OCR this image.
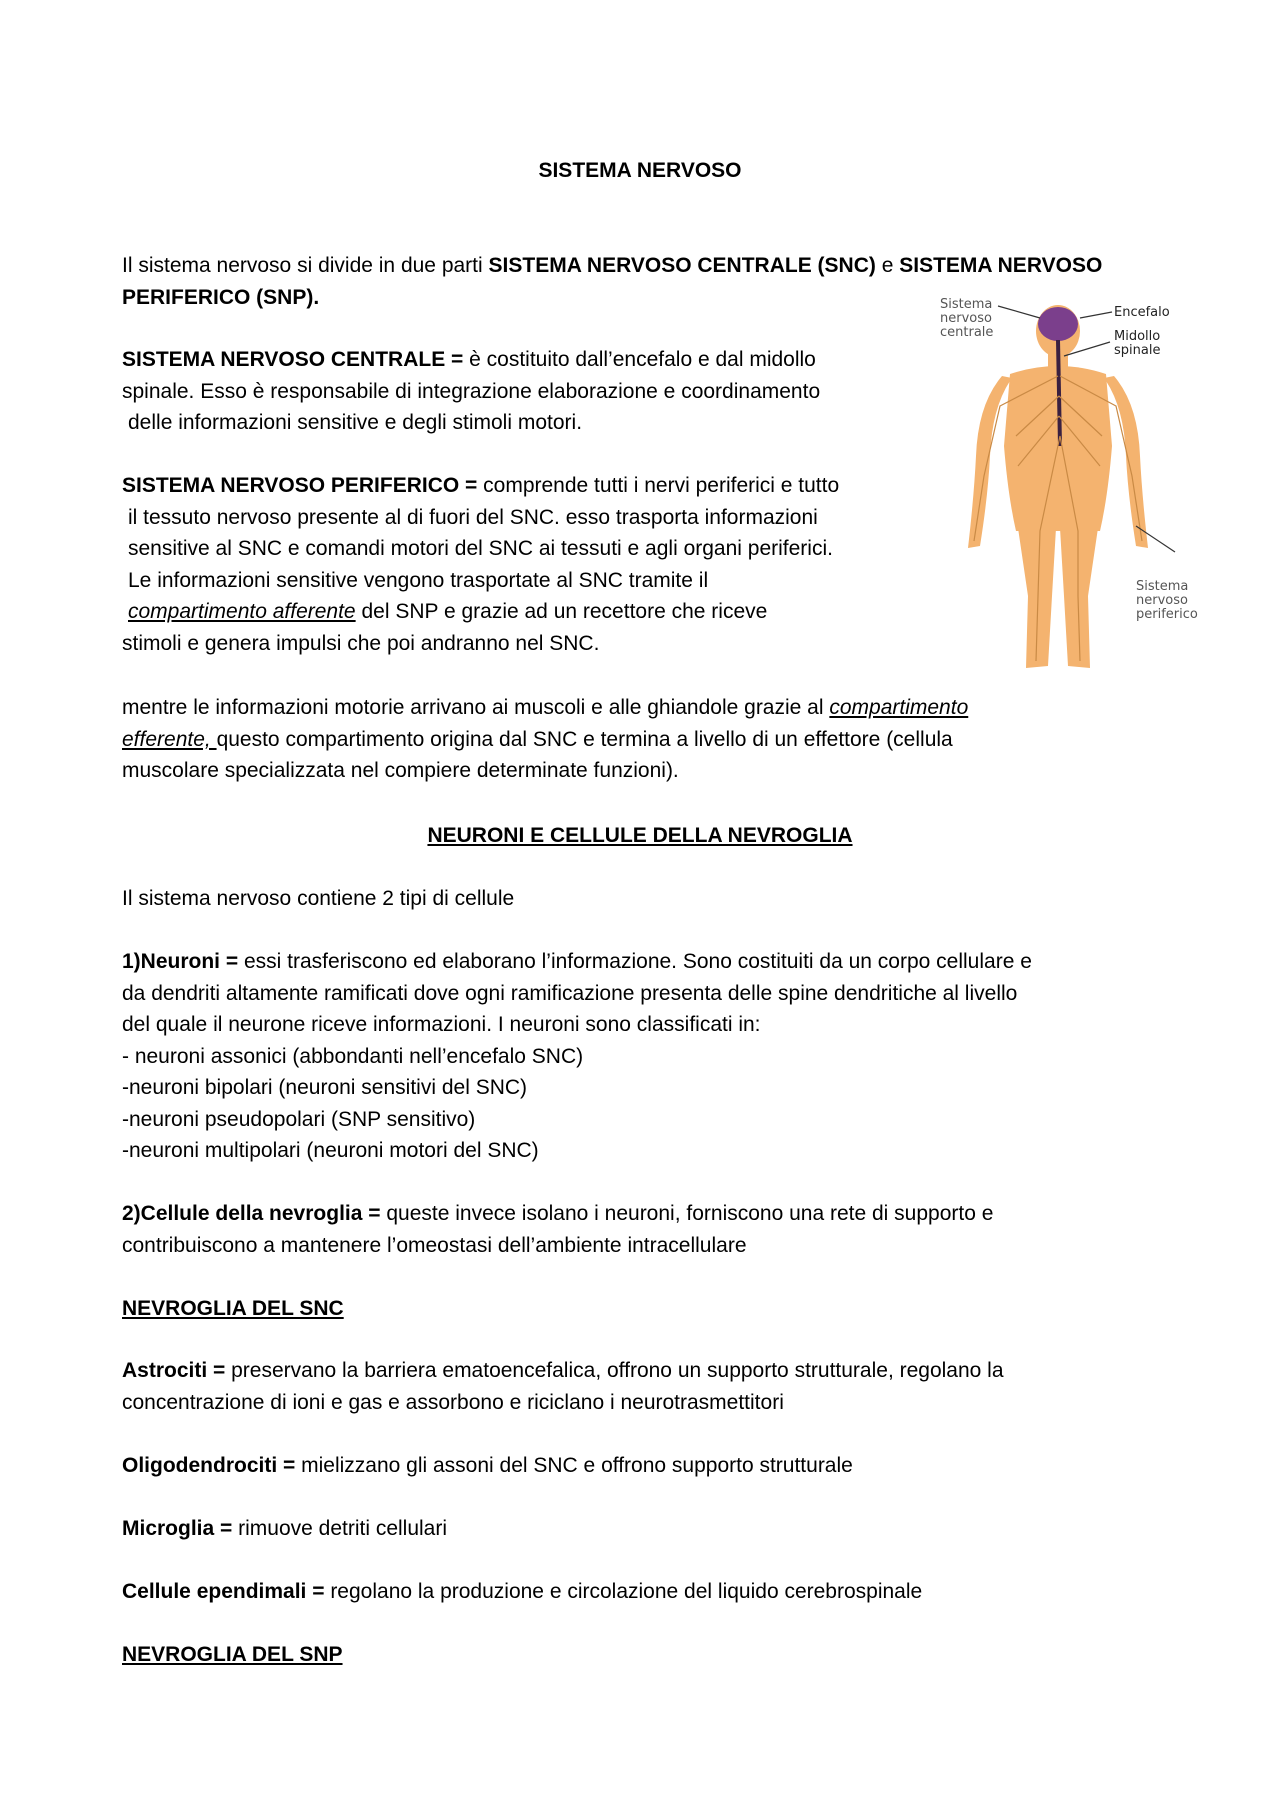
SISTEMA NERVOSO
Il sistema nervoso si divide in due parti SISTEMA NERVOSO CENTRALE (SNC) e SISTEMA NERVOSO
PERIFERICO (SNP).
SISTEMA NERVOSO CENTRALE = è costituito dall’encefalo e dal midollo
spinale. Esso è responsabile di integrazione elaborazione e coordinamento
delle informazioni sensitive e degli stimoli motori.
SISTEMA NERVOSO PERIFERICO = comprende tutti i nervi periferici e tutto
il tessuto nervoso presente al di fuori del SNC. esso trasporta informazioni
sensitive al SNC e comandi motori del SNC ai tessuti e agli organi periferici.
Le informazioni sensitive vengono trasportate al SNC tramite il
compartimento afferente del SNP e grazie ad un recettore che riceve
stimoli e genera impulsi che poi andranno nel SNC.
mentre le informazioni motorie arrivano ai muscoli e alle ghiandole grazie al compartimento
efferente, questo compartimento origina dal SNC e termina a livello di un effettore (cellula
muscolare specializzata nel compiere determinate funzioni).
NEURONI E CELLULE DELLA NEVROGLIA
Il sistema nervoso contiene 2 tipi di cellule
1)Neuroni = essi trasferiscono ed elaborano l’informazione. Sono costituiti da un corpo cellulare e
da dendriti altamente ramificati dove ogni ramificazione presenta delle spine dendritiche al livello
del quale il neurone riceve informazioni. I neuroni sono classificati in:
- neuroni assonici (abbondanti nell’encefalo SNC)
-neuroni bipolari (neuroni sensitivi del SNC)
-neuroni pseudopolari (SNP sensitivo)
-neuroni multipolari (neuroni motori del SNC)
2)Cellule della nevroglia = queste invece isolano i neuroni, forniscono una rete di supporto e
contribuiscono a mantenere l’omeostasi dell’ambiente intracellulare
NEVROGLIA DEL SNC
Astrociti = preservano la barriera ematoencefalica, offrono un supporto strutturale, regolano la
concentrazione di ioni e gas e assorbono e riciclano i neurotrasmettitori
Oligodendrociti = mielizzano gli assoni del SNC e offrono supporto strutturale
Microglia = rimuove detriti cellulari
Cellule ependimali = regolano la produzione e circolazione del liquido cerebrospinale
NEVROGLIA DEL SNP
Sistema
nervoso
centrale
Encefalo
Midollo
spinale
Sistema
nervoso
periferico
